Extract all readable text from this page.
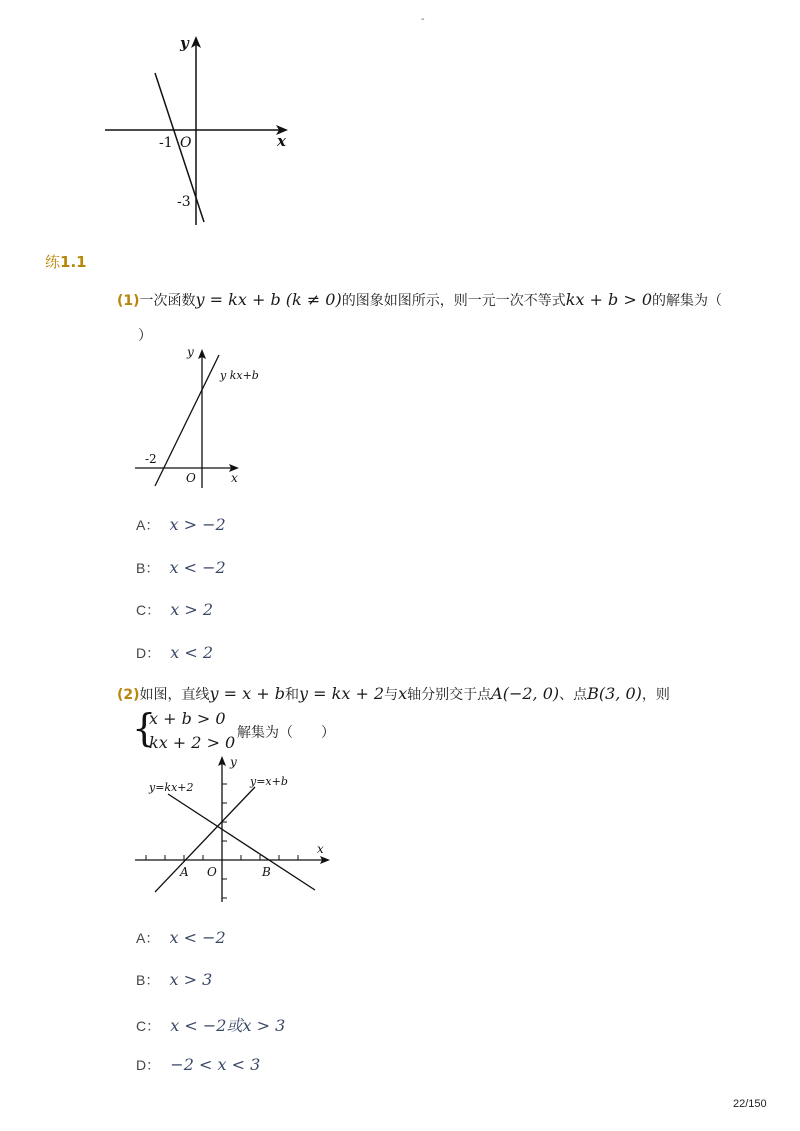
-
y
x
O
-1
-3
练1.1
(1)一次函数y = kx + b (k ≠ 0)的图象如图所示，则一元一次不等式kx + b > 0的解集为（
）
y
x
O
-2
y kx+b
A： x > −2
B： x < −2
C： x > 2
D： x < 2
(2)如图，直线y = x + b和y = kx + 2与x轴分别交于点A(−2, 0)、点B(3, 0)，则
{
x + b > 0
kx + 2 > 0 解集为（　　）
y
x
O
A	B
y=kx+2	y=x+b
A： x < −2
B： x > 3
C： x < −2或x > 3
D： −2 < x < 3
22/150
